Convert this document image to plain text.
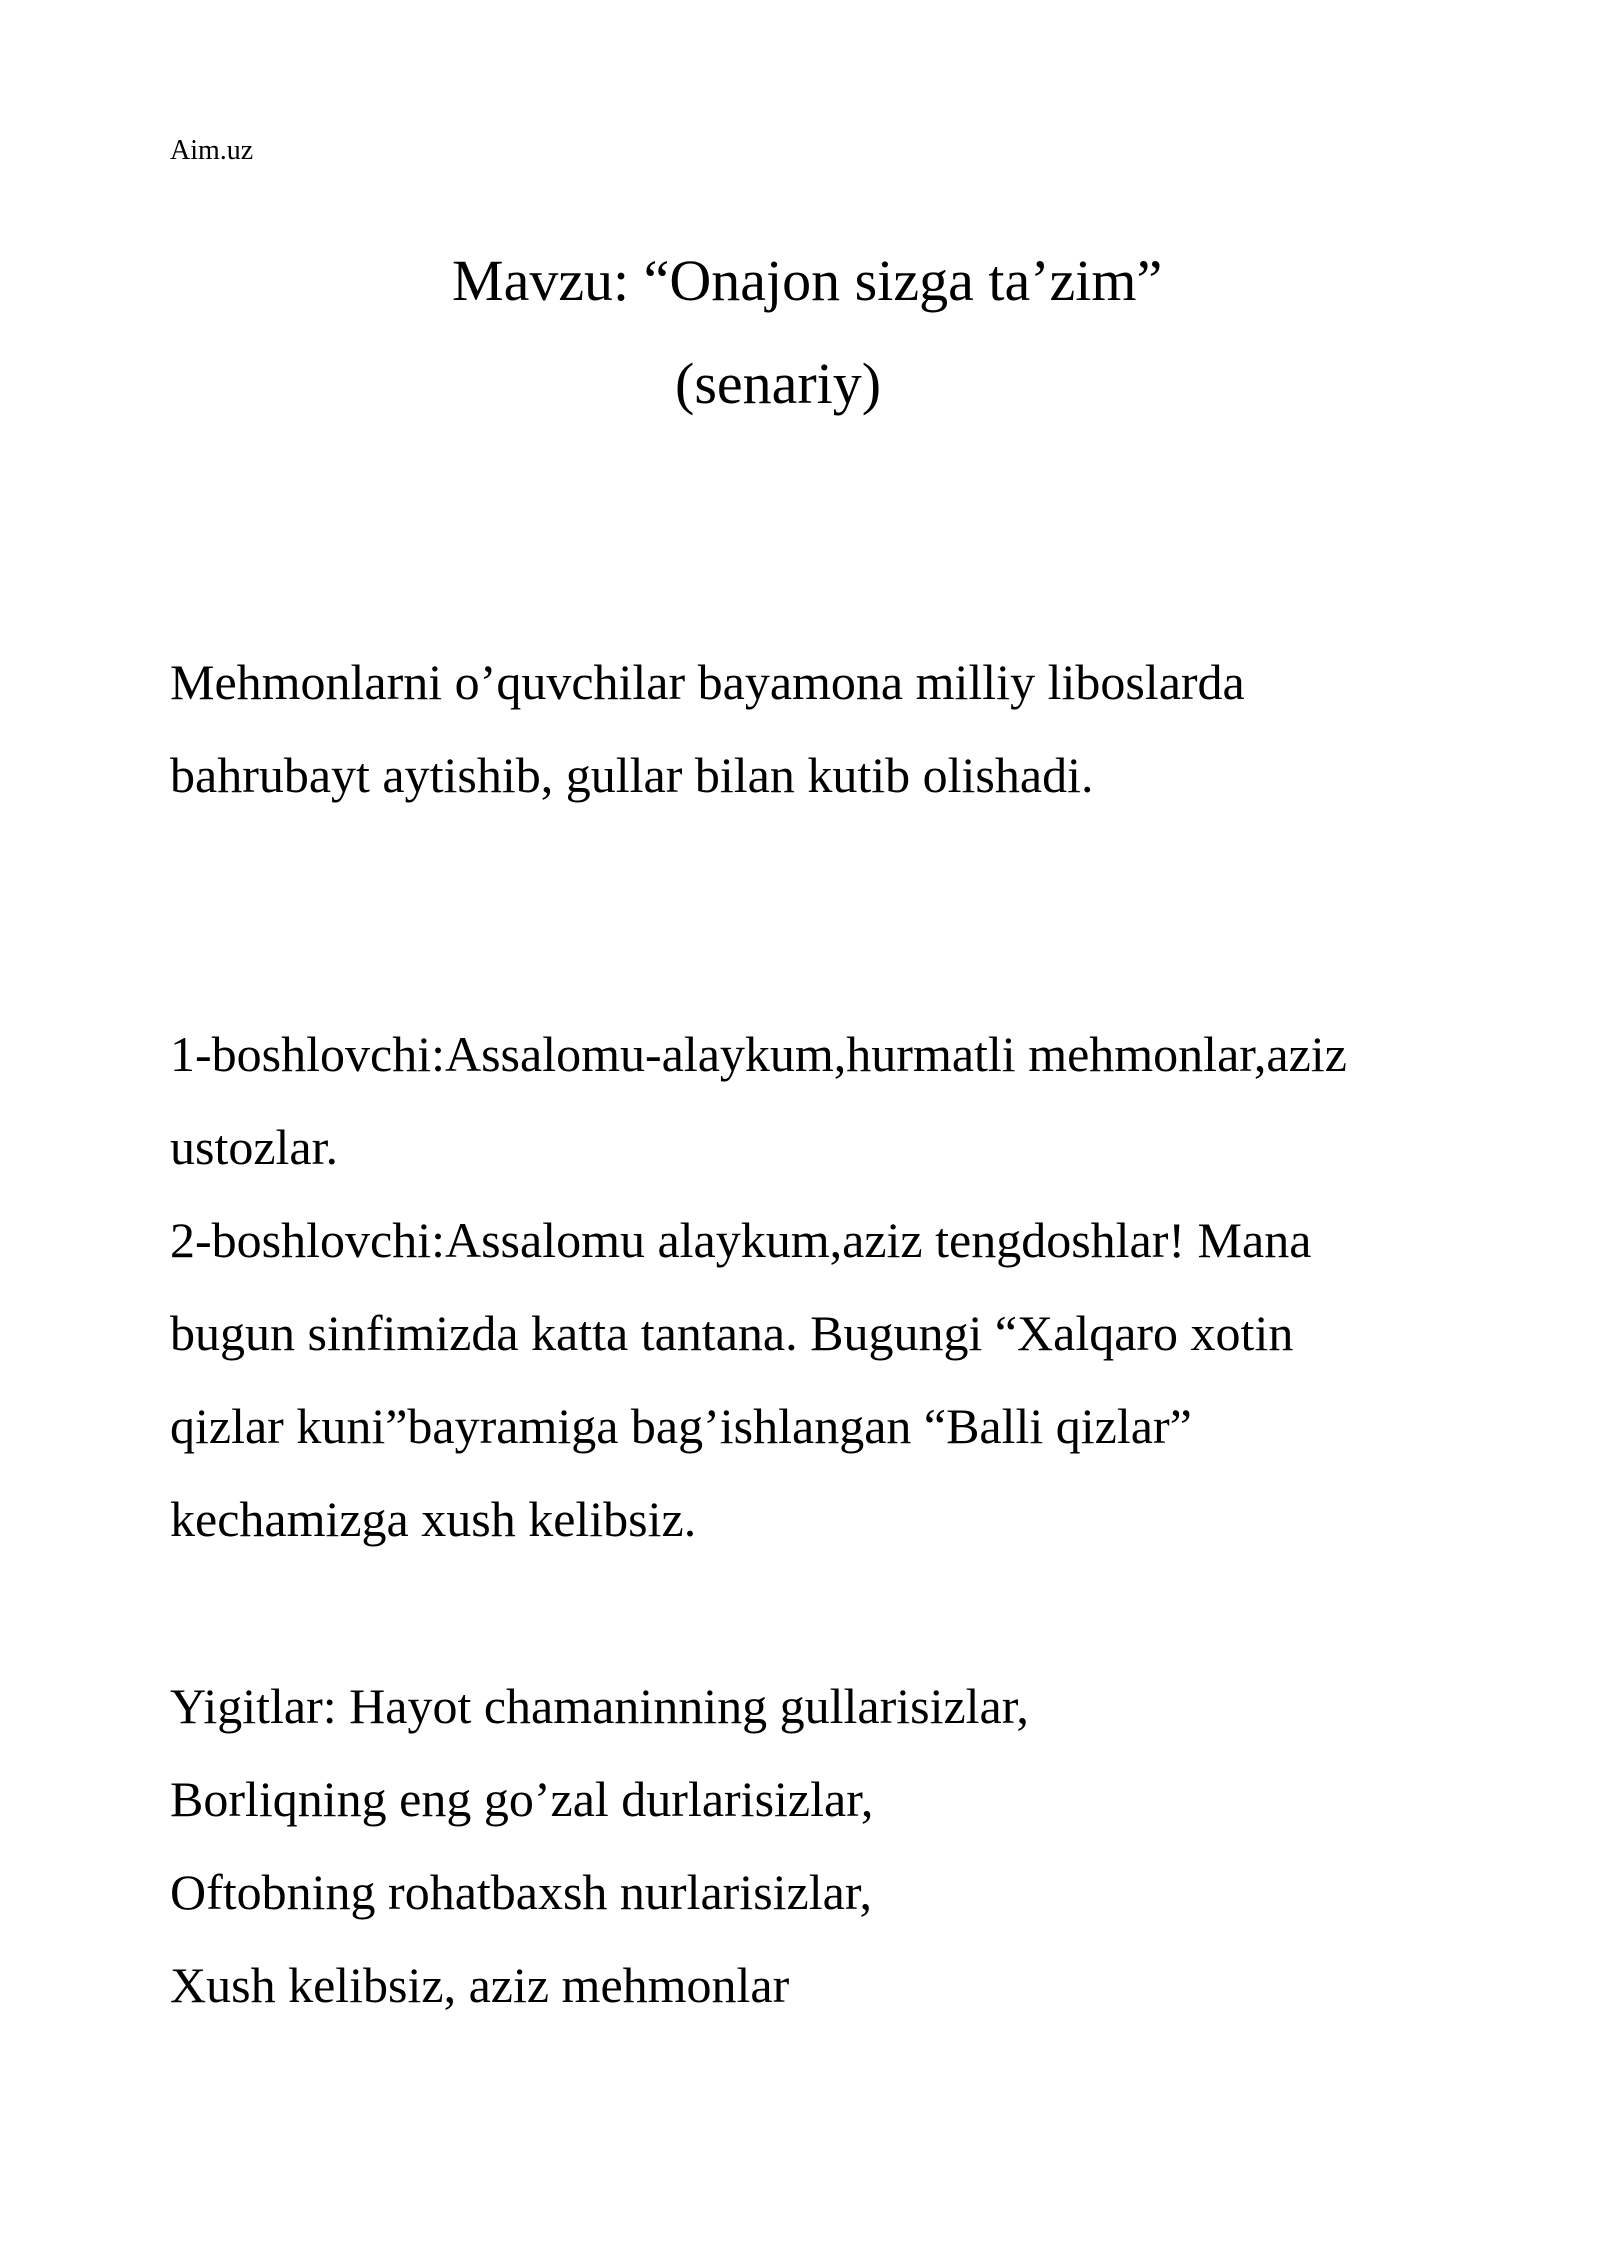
Aim.uz
Mavzu: “Onajon sizga ta’zim”
(senariy)
Mehmonlarni o’quvchilar bayamona milliy liboslarda
bahrubayt aytishib, gullar bilan kutib olishadi.
1-boshlovchi:Assalomu-alaykum,hurmatli mehmonlar,aziz
ustozlar.
2-boshlovchi:Assalomu alaykum,aziz tengdoshlar! Mana
bugun sinfimizda katta tantana. Bugungi “Xalqaro xotin
qizlar kuni”bayramiga bag’ishlangan “Balli qizlar”
kechamizga xush kelibsiz.
Yigitlar: Hayot chamaninning gullarisizlar,
Borliqning eng go’zal durlarisizlar,
Oftobning rohatbaxsh nurlarisizlar,
Xush kelibsiz, aziz mehmonlar
